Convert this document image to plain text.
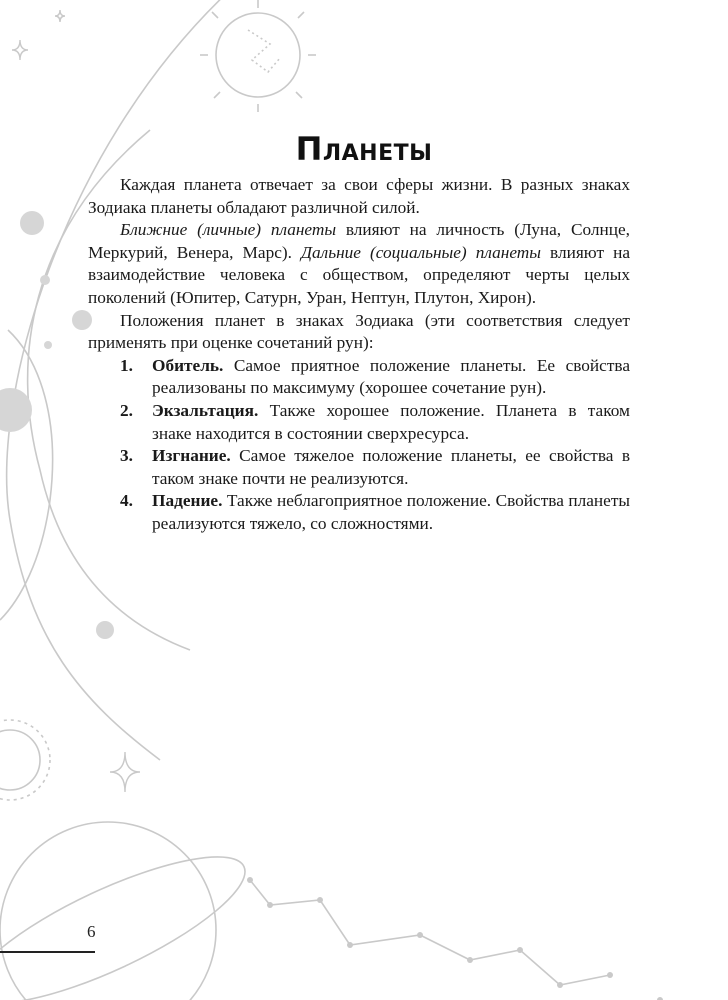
Планеты

Каждая планета отвечает за свои сферы жизни. В разных знаках Зодиака планеты обладают различной силой.

Ближние (личные) планеты влияют на личность (Луна, Солнце, Меркурий, Венера, Марс). Дальние (социальные) планеты влияют на взаимодействие человека с обществом, определяют черты целых поколений (Юпитер, Сатурн, Уран, Нептун, Плутон, Хирон).

Положения планет в знаках Зодиака (эти соответствия следует применять при оценке сочетаний рун):

1. Обитель. Самое приятное положение планеты. Ее свойства реализованы по максимуму (хорошее сочетание рун).
2. Экзальтация. Также хорошее положение. Планета в таком знаке находится в состоянии сверхресурса.
3. Изгнание. Самое тяжелое положение планеты, ее свойства в таком знаке почти не реализуются.
4. Падение. Также неблагоприятное положение. Свойства планеты реализуются тяжело, со сложностями.
6
